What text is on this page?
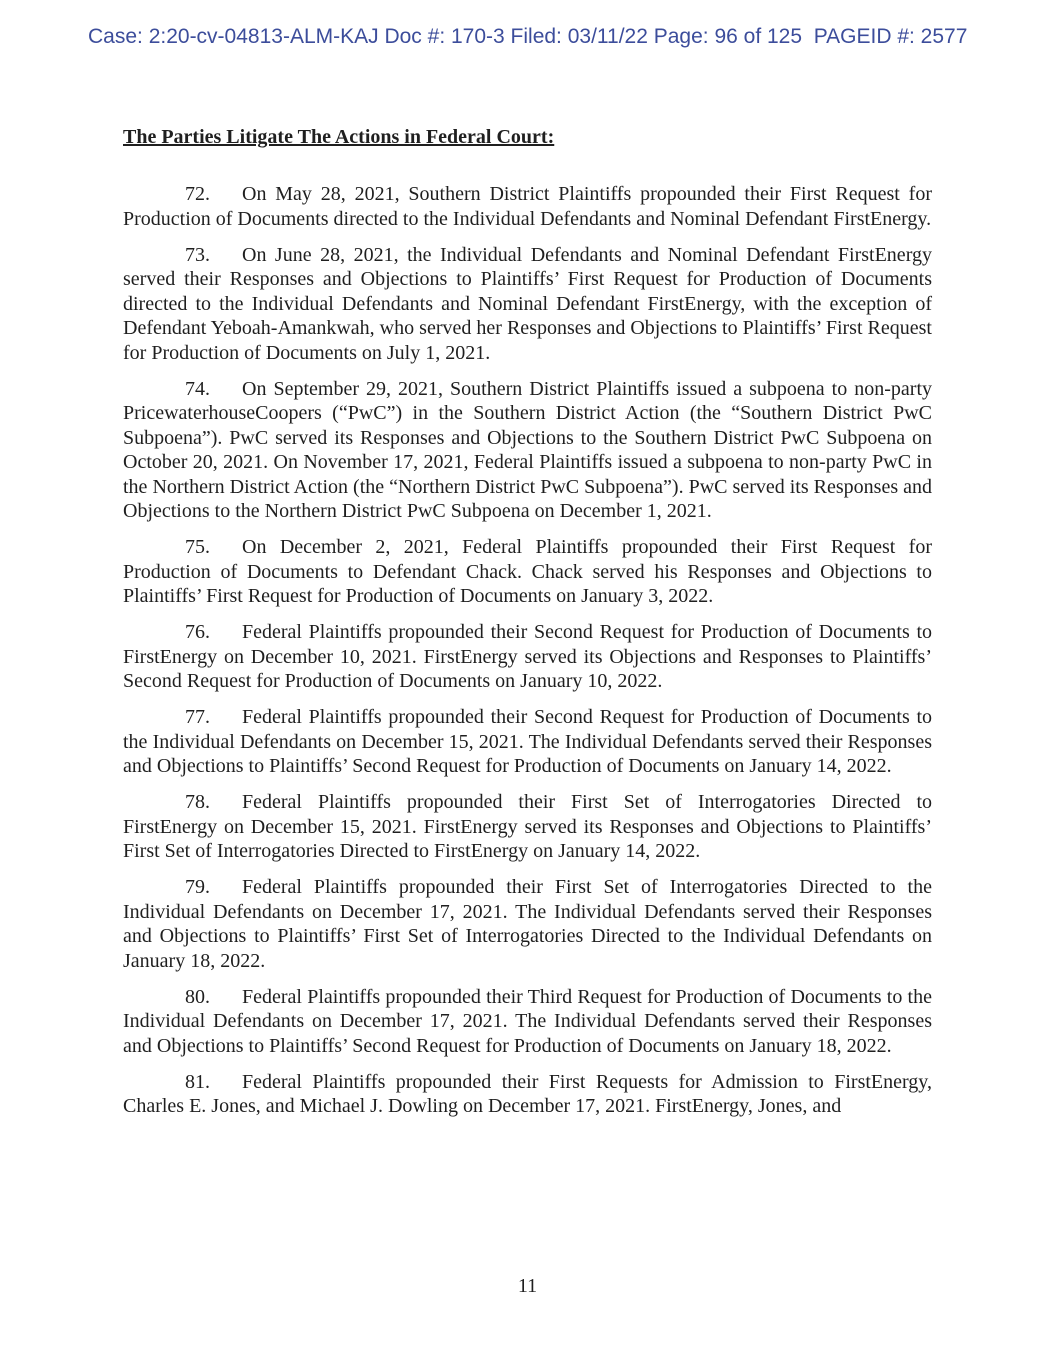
Case: 2:20-cv-04813-ALM-KAJ Doc #: 170-3 Filed: 03/11/22 Page: 96 of 125  PAGEID #: 2577
The Parties Litigate The Actions in Federal Court:

72. On May 28, 2021, Southern District Plaintiffs propounded their First Request for Production of Documents directed to the Individual Defendants and Nominal Defendant FirstEnergy.

73. On June 28, 2021, the Individual Defendants and Nominal Defendant FirstEnergy served their Responses and Objections to Plaintiffs’ First Request for Production of Documents directed to the Individual Defendants and Nominal Defendant FirstEnergy, with the exception of Defendant Yeboah-Amankwah, who served her Responses and Objections to Plaintiffs’ First Request for Production of Documents on July 1, 2021.

74. On September 29, 2021, Southern District Plaintiffs issued a subpoena to non-party PricewaterhouseCoopers (“PwC”) in the Southern District Action (the “Southern District PwC Subpoena”). PwC served its Responses and Objections to the Southern District PwC Subpoena on October 20, 2021. On November 17, 2021, Federal Plaintiffs issued a subpoena to non-party PwC in the Northern District Action (the “Northern District PwC Subpoena”). PwC served its Responses and Objections to the Northern District PwC Subpoena on December 1, 2021.

75. On December 2, 2021, Federal Plaintiffs propounded their First Request for Production of Documents to Defendant Chack. Chack served his Responses and Objections to Plaintiffs’ First Request for Production of Documents on January 3, 2022.

76. Federal Plaintiffs propounded their Second Request for Production of Documents to FirstEnergy on December 10, 2021. FirstEnergy served its Objections and Responses to Plaintiffs’ Second Request for Production of Documents on January 10, 2022.

77. Federal Plaintiffs propounded their Second Request for Production of Documents to the Individual Defendants on December 15, 2021. The Individual Defendants served their Responses and Objections to Plaintiffs’ Second Request for Production of Documents on January 14, 2022.

78. Federal Plaintiffs propounded their First Set of Interrogatories Directed to FirstEnergy on December 15, 2021. FirstEnergy served its Responses and Objections to Plaintiffs’ First Set of Interrogatories Directed to FirstEnergy on January 14, 2022.

79. Federal Plaintiffs propounded their First Set of Interrogatories Directed to the Individual Defendants on December 17, 2021. The Individual Defendants served their Responses and Objections to Plaintiffs’ First Set of Interrogatories Directed to the Individual Defendants on January 18, 2022.

80. Federal Plaintiffs propounded their Third Request for Production of Documents to the Individual Defendants on December 17, 2021. The Individual Defendants served their Responses and Objections to Plaintiffs’ Second Request for Production of Documents on January 18, 2022.

81. Federal Plaintiffs propounded their First Requests for Admission to FirstEnergy, Charles E. Jones, and Michael J. Dowling on December 17, 2021. FirstEnergy, Jones, and

11
